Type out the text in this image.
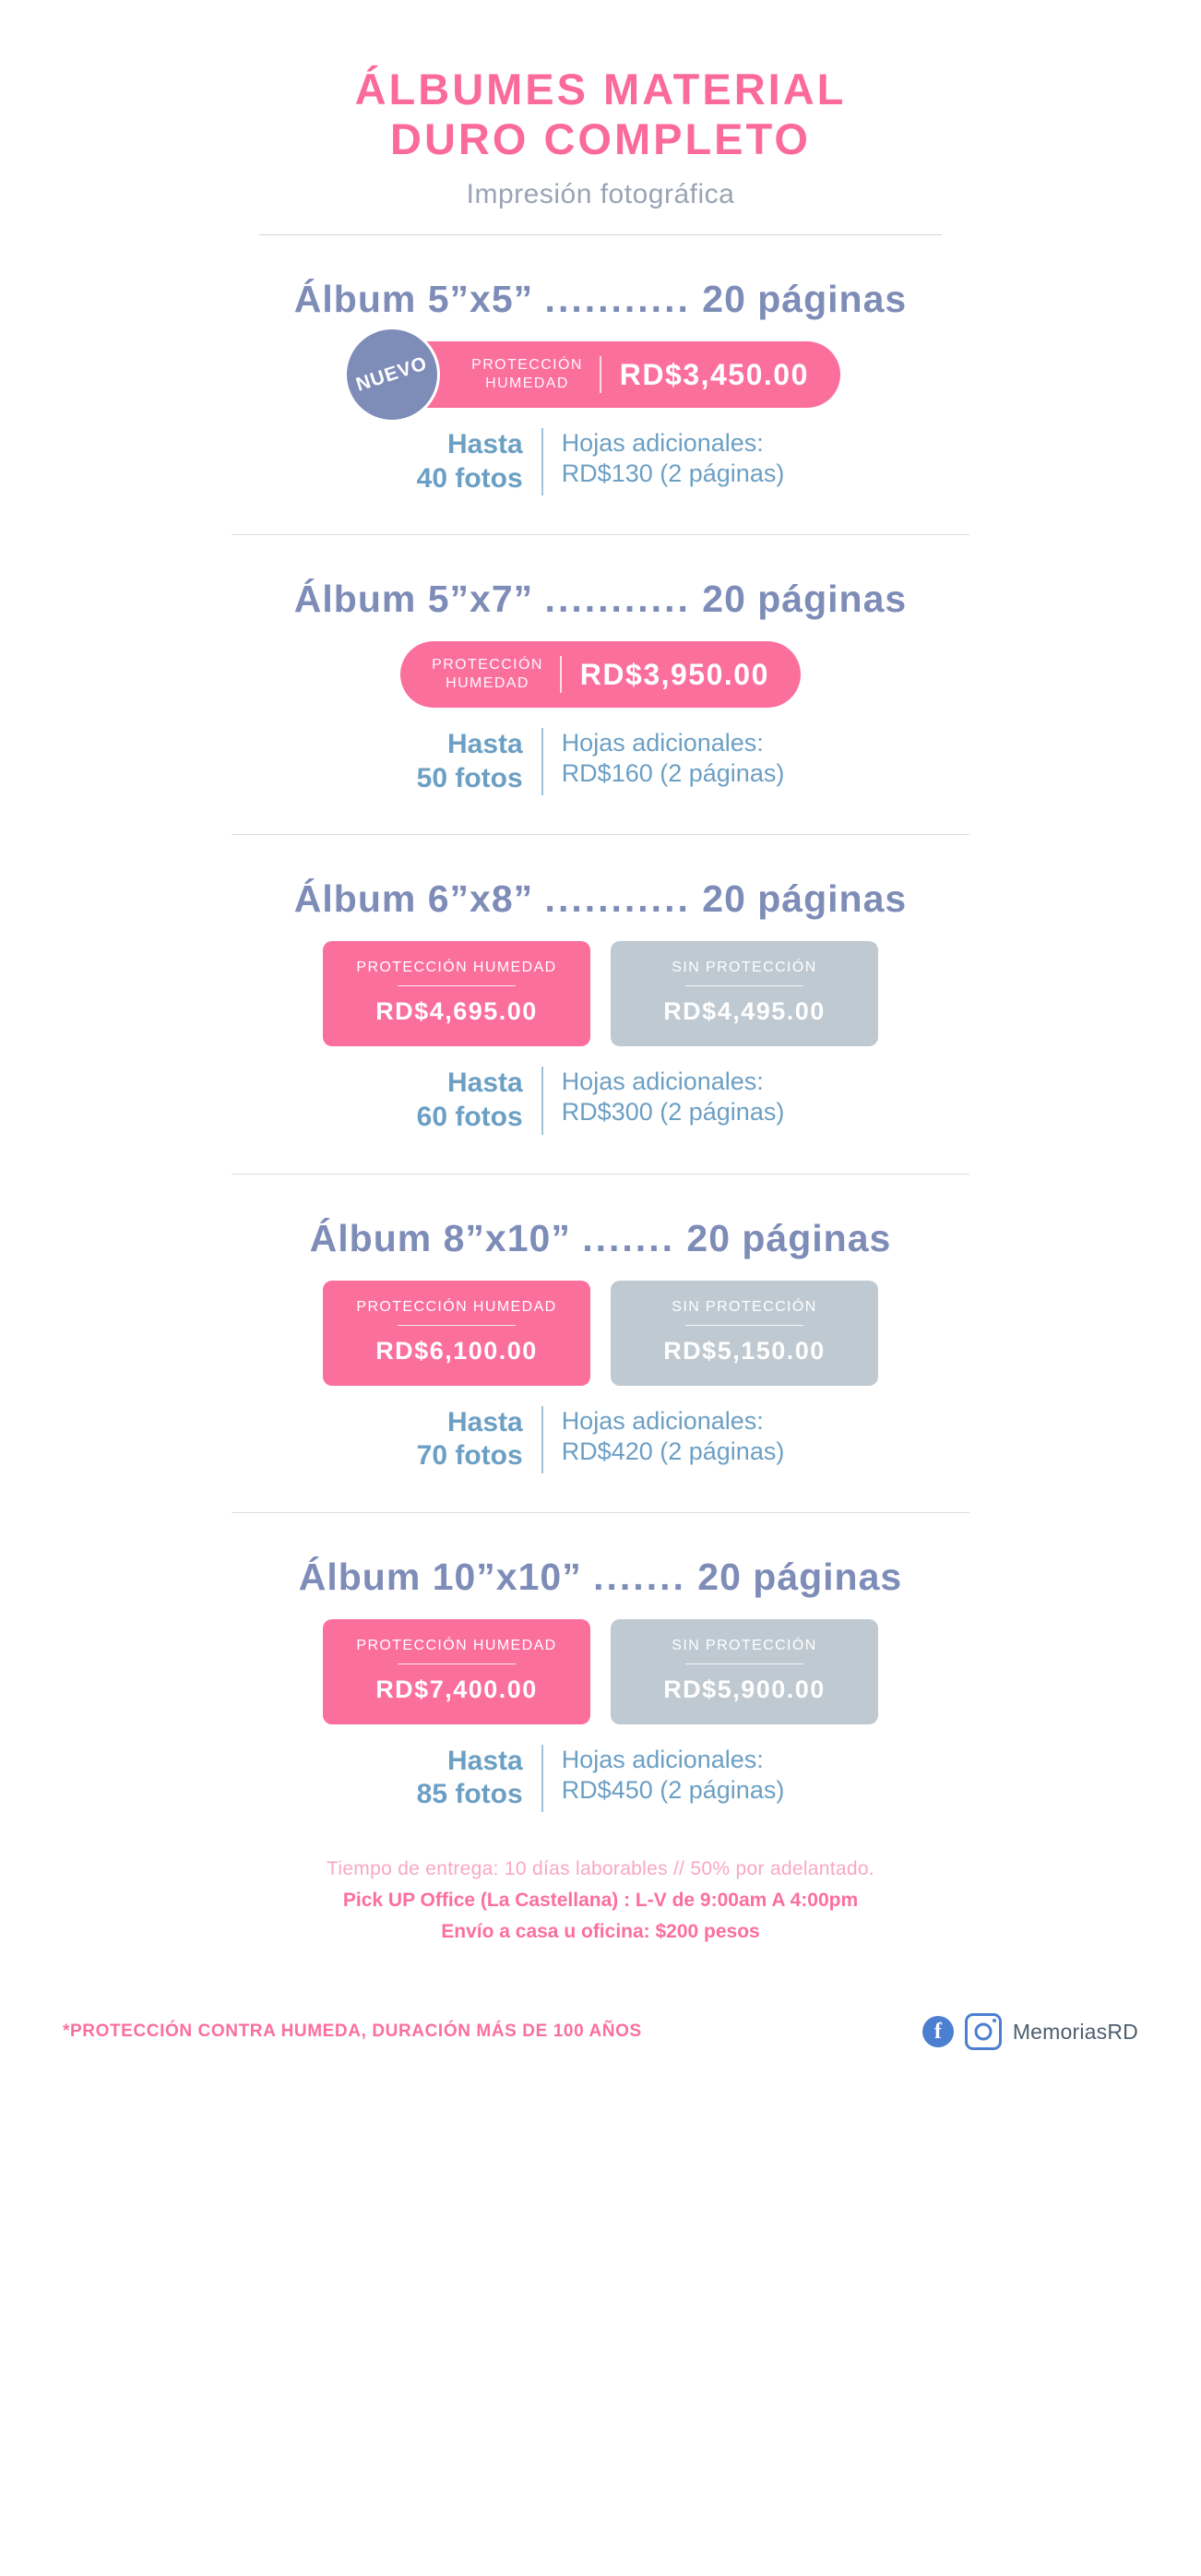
ÁLBUMES MATERIAL
DURO COMPLETO
Impresión fotográfica
Álbum 5”x5” ........... 20 páginas
NUEVO	PROTECCIÓN
HUMEDAD	RD$3,450.00
Hasta
40 fotos
Hojas adicionales:
RD$130 (2 páginas)
Álbum 5”x7” ........... 20 páginas
PROTECCIÓN
HUMEDAD	RD$3,950.00
Hasta
50 fotos
Hojas adicionales:
RD$160 (2 páginas)
Álbum 6”x8” ........... 20 páginas
PROTECCIÓN HUMEDAD
RD$4,695.00
SIN PROTECCIÓN
RD$4,495.00
Hasta
60 fotos
Hojas adicionales:
RD$300 (2 páginas)
Álbum 8”x10” ....... 20 páginas
PROTECCIÓN HUMEDAD
RD$6,100.00
SIN PROTECCIÓN
RD$5,150.00
Hasta
70 fotos
Hojas adicionales:
RD$420 (2 páginas)
Álbum 10”x10” ....... 20 páginas
PROTECCIÓN HUMEDAD
RD$7,400.00
SIN PROTECCIÓN
RD$5,900.00
Hasta
85 fotos
Hojas adicionales:
RD$450 (2 páginas)
Tiempo de entrega: 10 días laborables // 50% por adelantado.
Pick UP Office (La Castellana) : L-V de 9:00am A 4:00pm
Envío a casa u oficina: $200 pesos
*PROTECCIÓN CONTRA HUMEDA, DURACIÓN MÁS DE 100 AÑOS	f	MemoriasRD
